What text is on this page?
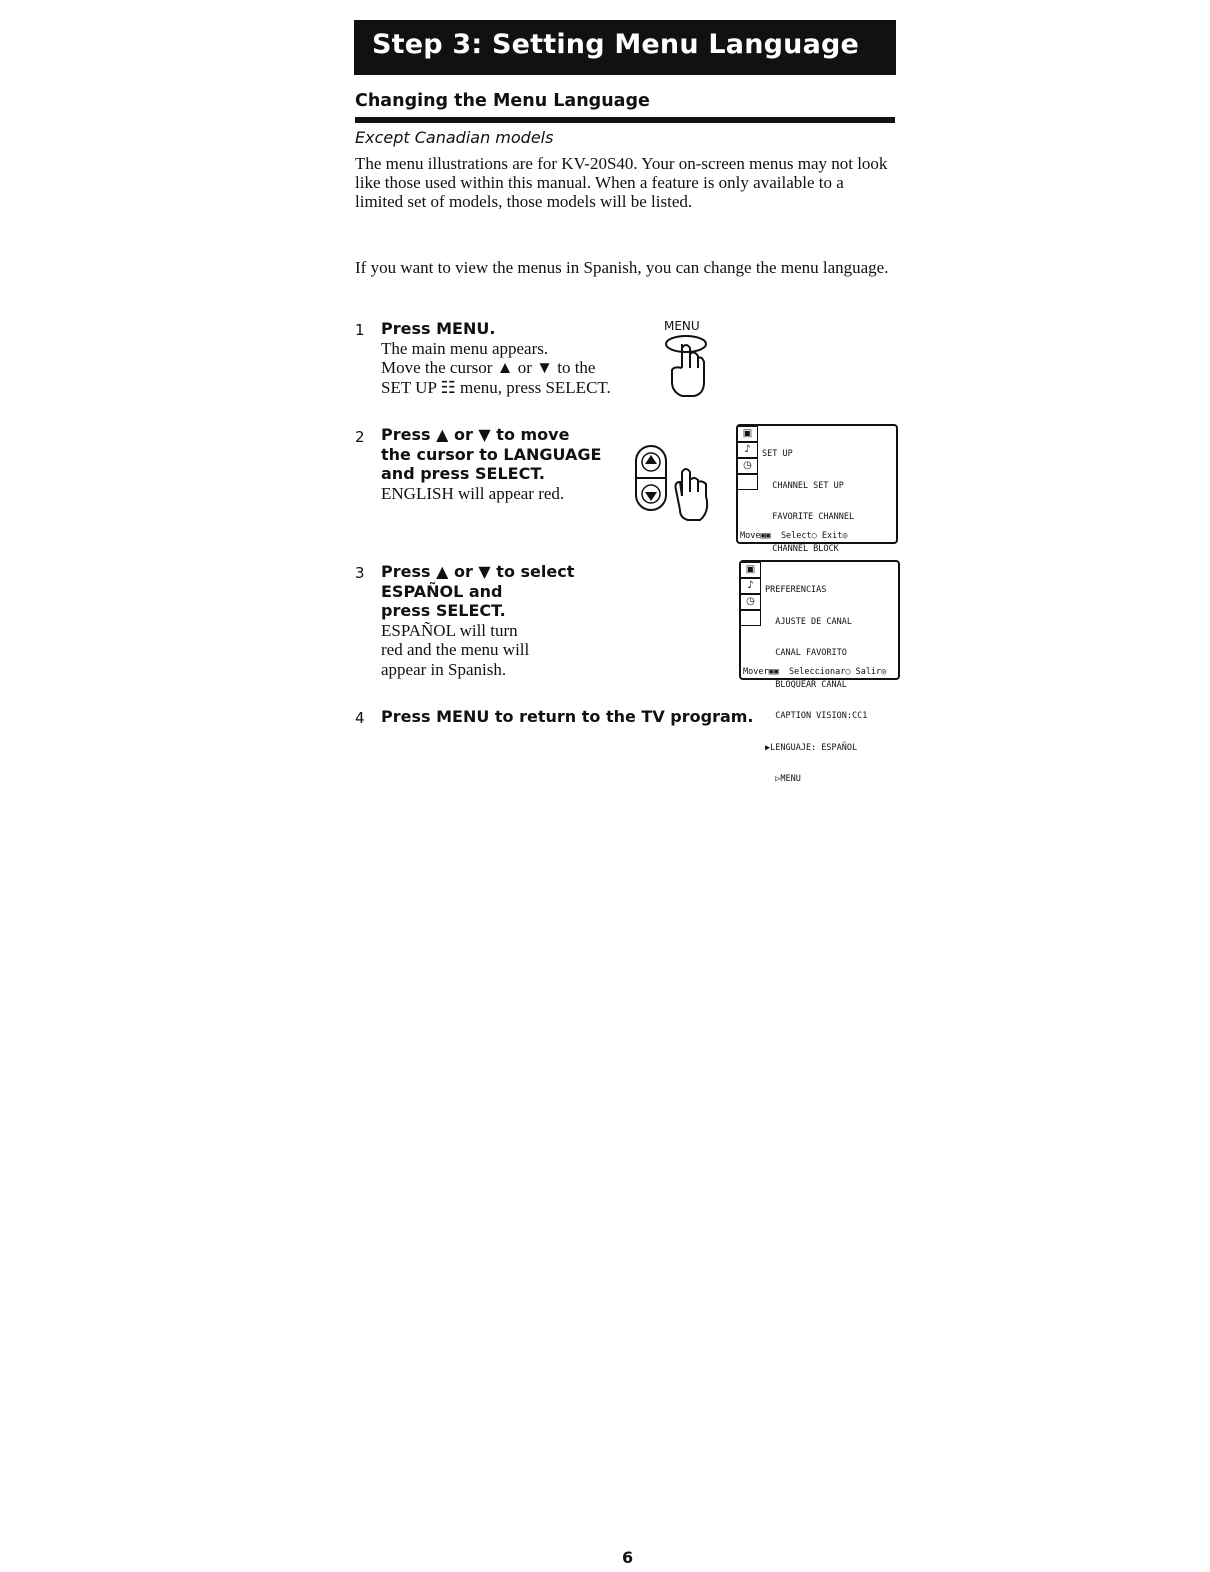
Step 3: Setting Menu Language
Changing the Menu Language
Except Canadian models

The menu illustrations are for KV-20S40. Your on-screen menus may not look like those used within this manual. When a feature is only available to a limited set of models, those models will be listed.

If you want to view the menus in Spanish, you can change the menu language.

1 Press MENU.
The main menu appears.
Move the cursor ▲ or ▼ to the
SET UP ☷ menu, press SELECT.
MENU
2 Press ▲ or ▼ to move
the cursor to LANGUAGE
and press SELECT.
ENGLISH will appear red.
▣
♪
◷

SET UP

CHANNEL SET UP

FAVORITE CHANNEL

CHANNEL BLOCK

Move▣▣  Select○ Exit◎
3 Press ▲ or ▼ to select
ESPAÑOL and
press SELECT.
ESPAÑOL will turn
red and the menu will
appear in Spanish.
▣
♪
◷

PREFERENCIAS

AJUSTE DE CANAL

CANAL FAVORITO

BLOQUEAR CANAL

CAPTION VISION:CC1

▶LENGUAJE: ESPAÑOL

▷MENU

Mover▣▣  Seleccionar○ Salir◎
4 Press MENU to return to the TV program.
6
